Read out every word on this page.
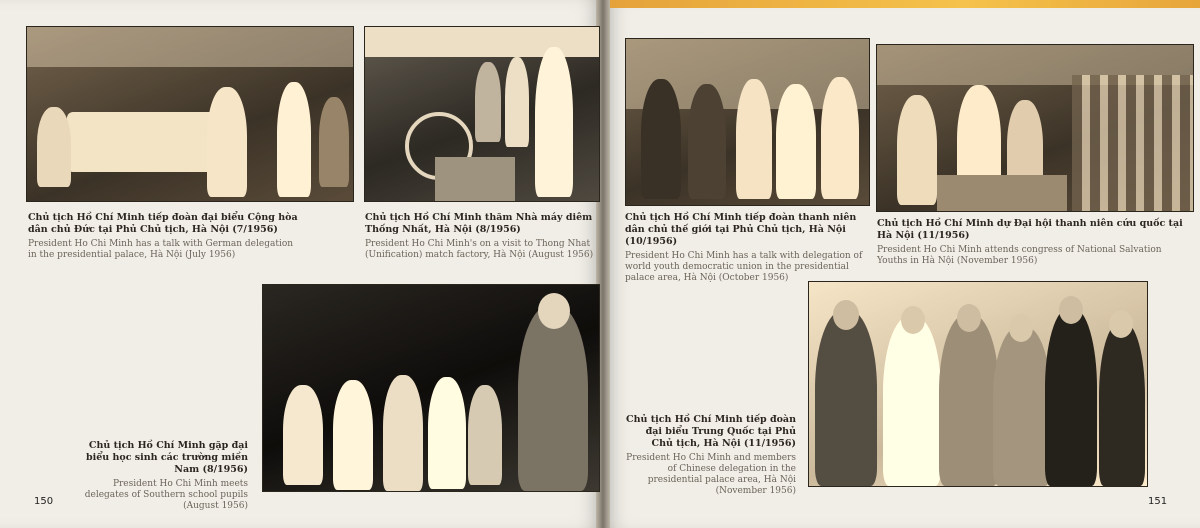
Chủ tịch Hồ Chí Minh tiếp đoàn đại biểu Cộng hòa dân chủ Đức tại Phủ Chủ tịch, Hà Nội (7/1956)
President Ho Chi Minh has a talk with German delegation in the presidential palace, Hà Nội (July 1956)
Chủ tịch Hồ Chí Minh thăm Nhà máy diêm Thống Nhất, Hà Nội (8/1956)
President Ho Chi Minh's on a visit to Thong Nhat (Unification) match factory, Hà Nội (August 1956)
Chủ tịch Hồ Chí Minh gặp đại biểu học sinh các trường miền Nam (8/1956)
President Ho Chi Minh meets delegates of Southern school pupils (August 1956)
Chủ tịch Hồ Chí Minh tiếp đoàn thanh niên dân chủ thế giới tại Phủ Chủ tịch, Hà Nội (10/1956)
President Ho Chi Minh has a talk with delegation of world youth democratic union in the presidential palace area, Hà Nội (October 1956)
Chủ tịch Hồ Chí Minh dự Đại hội thanh niên cứu quốc tại Hà Nội (11/1956)
President Ho Chi Minh attends congress of National Salvation Youths in Hà Nội (November 1956)
Chủ tịch Hồ Chí Minh tiếp đoàn đại biểu Trung Quốc tại Phủ Chủ tịch, Hà Nội (11/1956)
President Ho Chi Minh and members of Chinese delegation in the presidential palace area, Hà Nội (November 1956)
150	151
